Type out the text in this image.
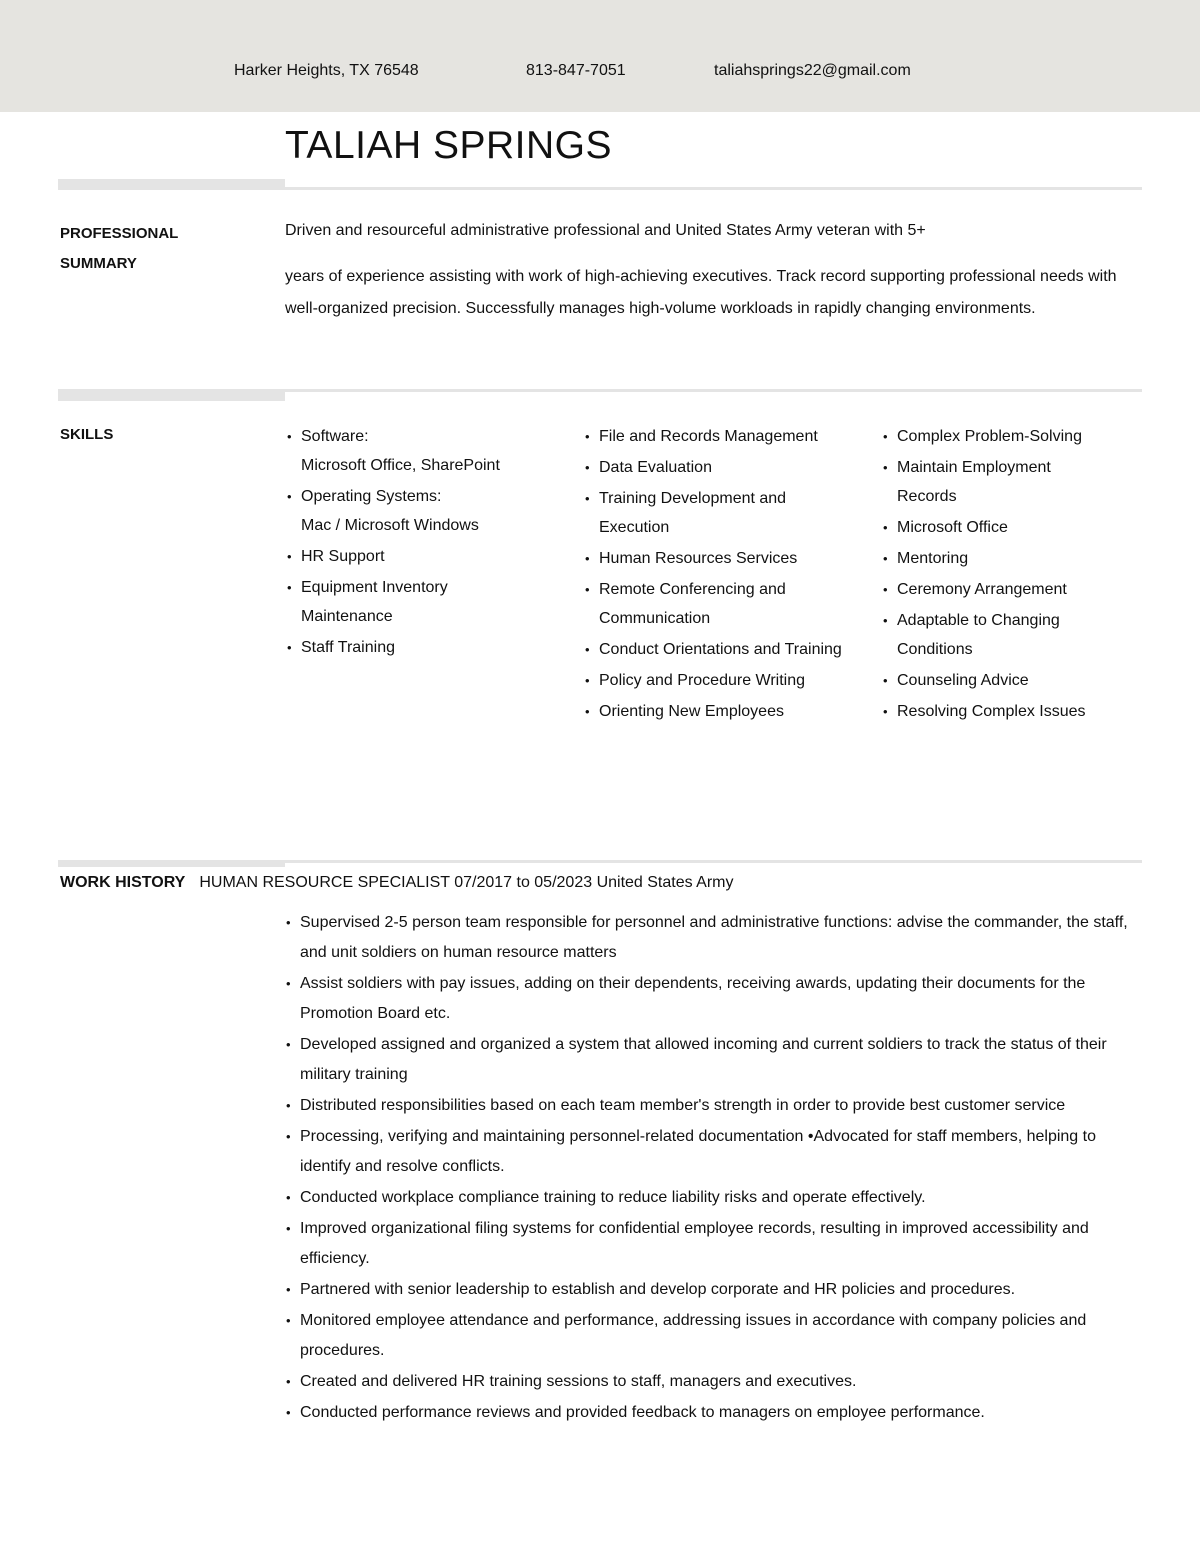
Harker Heights, TX 76548	813-847-7051	taliahsprings22@gmail.com
TALIAH SPRINGS
PROFESSIONAL
SUMMARY
Driven and resourceful administrative professional and United States Army veteran with 5+

years of experience assisting with work of high-achieving executives. Track record supporting professional needs with well-organized precision. Successfully manages high-volume workloads in rapidly changing environments.

SKILLS
•	Software:
Microsoft Office, SharePoint
• Operating Systems:
Mac / Microsoft Windows
• HR Support
• Equipment Inventory
Maintenance
• Staff Training
• File and Records Management
• Data Evaluation
• Training Development and
Execution
• Human Resources Services
• Remote Conferencing and
Communication
• Conduct Orientations and Training
• Policy and Procedure Writing
• Orienting New Employees
• Complex Problem-Solving
• Maintain Employment
Records
• Microsoft Office
• Mentoring
• Ceremony Arrangement
• Adaptable to Changing
Conditions
• Counseling Advice
• Resolving Complex Issues
WORK HISTORY HUMAN RESOURCE SPECIALIST 07/2017 to 05/2023 United States Army
• Supervised 2-5 person team responsible for personnel and administrative functions: advise the commander, the staff, and unit soldiers on human resource matters
• Assist soldiers with pay issues, adding on their dependents, receiving awards, updating their documents for the Promotion Board etc.
• Developed assigned and organized a system that allowed incoming and current soldiers to track the status of their military training
• Distributed responsibilities based on each team member's strength in order to provide best customer service
• Processing, verifying and maintaining personnel-related documentation •Advocated for staff members, helping to identify and resolve conflicts.
• Conducted workplace compliance training to reduce liability risks and operate effectively.
• Improved organizational filing systems for confidential employee records, resulting in improved accessibility and efficiency.
• Partnered with senior leadership to establish and develop corporate and HR policies and procedures.
• Monitored employee attendance and performance, addressing issues in accordance with company policies and procedures.
• Created and delivered HR training sessions to staff, managers and executives.
• Conducted performance reviews and provided feedback to managers on employee performance.
